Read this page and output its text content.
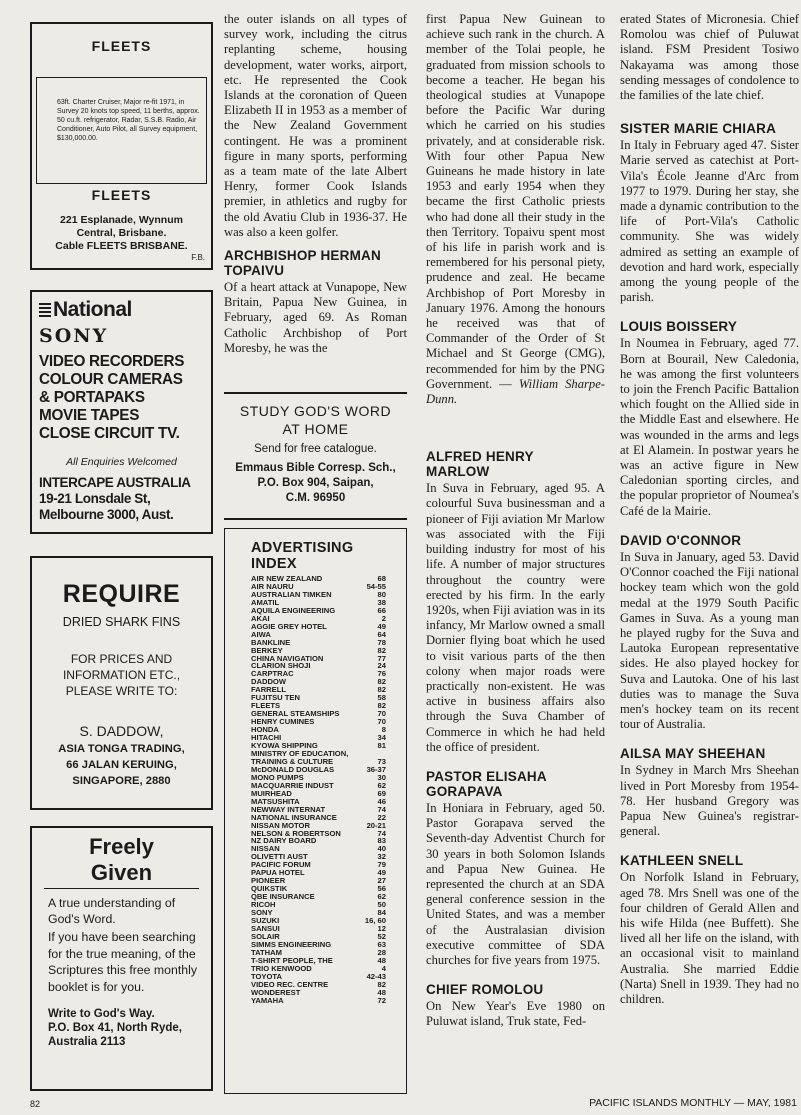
FLEETS
63ft. Charter Cruiser, Major re-fit 1971, in Survey 20 knots top speed, 11 berths, approx. 50 cu.ft. refrigerator, Radar, S.S.B. Radio, Air Conditioner, Auto Pilot, all Survey equipment, $130,000.00.
FLEETS
221 Esplanade, Wynnum
Central, Brisbane.
Cable FLEETS BRISBANE.
F.B.
National
SONY
VIDEO RECORDERS
COLOUR CAMERAS
& PORTAPAKS
MOVIE TAPES
CLOSE CIRCUIT TV.
All Enquiries Welcomed
INTERCAPE AUSTRALIA
19-21 Lonsdale St,
Melbourne 3000, Aust.
REQUIRE
DRIED SHARK FINS
FOR PRICES AND
INFORMATION ETC.,
PLEASE WRITE TO:
S. DADDOW,
ASIA TONGA TRADING,
66 JALAN KERUING,
SINGAPORE, 2880
Freely
Given
A true understanding of God's Word.
If you have been searching for the true meaning, of the Scriptures this free monthly booklet is for you.
Write to God's Way.
P.O. Box 41, North Ryde,
Australia 2113

the outer islands on all types of survey work, including the citrus replanting scheme, housing development, water works, airport, etc. He represented the Cook Islands at the coronation of Queen Elizabeth II in 1953 as a member of the New Zealand Government contingent. He was a prominent figure in many sports, performing as a team mate of the late Albert Henry, former Cook Islands premier, in athletics and rugby for the old Avatiu Club in 1936-37. He was also a keen golfer.

ARCHBISHOP HERMAN
TOPAIVU

Of a heart attack at Vunapope, New Britain, Papua New Guinea, in February, aged 69. As Roman Catholic Archbishop of Port Moresby, he was the

STUDY GOD'S WORD
AT HOME
Send for free catalogue.
Emmaus Bible Corresp. Sch.,
P.O. Box 904, Saipan,
C.M. 96950
ADVERTISING
INDEX
AIR NEW ZEALAND	68
AIR NAURU	54-55
AUSTRALIAN TIMKEN	80
AMATIL	38
AQUILA ENGINEERING	66
AKAI	2
AGGIE GREY HOTEL	49
AIWA	64
BANKLINE	78
BERKEY	82
CHINA NAVIGATION	77
CLARION SHOJI	24
CARPTRAC	76
DADDOW	82
FARRELL	82
FUJITSU TEN	58
FLEETS	82
GENERAL STEAMSHIPS	70
HENRY CUMINES	70
HONDA	8
HITACHI	34
KYOWA SHIPPING	81
MINISTRY OF EDUCATION,
TRAINING & CULTURE	73
McDONALD DOUGLAS	36-37
MONO PUMPS	30
MACQUARRIE INDUST	62
MUIRHEAD	69
MATSUSHITA	46
NEWWAY INTERNAT	74
NATIONAL INSURANCE	22
NISSAN MOTOR	20-21
NELSON & ROBERTSON	74
NZ DAIRY BOARD	83
NISSAN	40
OLIVETTI AUST	32
PACIFIC FORUM	79
PAPUA HOTEL	49
PIONEER	27
QUIKSTIK	56
QBE INSURANCE	62
RICOH	50
SONY	84
SUZUKI	16, 60
SANSUI	12
SOLAIR	52
SIMMS ENGINEERING	63
TATHAM	28
T-SHIRT PEOPLE, THE	48
TRIO KENWOOD	4
TOYOTA	42-43
VIDEO REC. CENTRE	82
WONDEREST	48
YAMAHA	72

first Papua New Guinean to achieve such rank in the church. A member of the Tolai people, he graduated from mission schools to become a teacher. He began his theological studies at Vunapope before the Pacific War during which he carried on his studies privately, and at considerable risk. With four other Papua New Guineans he made history in late 1953 and early 1954 when they became the first Catholic priests who had done all their study in the then Territory. Topaivu spent most of his life in parish work and is remembered for his personal piety, prudence and zeal. He became Archbishop of Port Moresby in January 1976. Among the honours he received was that of Commander of the Order of St Michael and St George (CMG), recommended for him by the PNG Government. — William Sharpe-Dunn.

ALFRED HENRY
MARLOW

In Suva in February, aged 95. A colourful Suva businessman and a pioneer of Fiji aviation Mr Marlow was associated with the Fiji building industry for most of his life. A number of major structures throughout the country were erected by his firm. In the early 1920s, when Fiji aviation was in its infancy, Mr Marlow owned a small Dornier flying boat which he used to visit various parts of the then colony when major roads were practically non-existent. He was active in business affairs also through the Suva Chamber of Commerce in which he had held the office of president.

PASTOR ELISAHA
GORAPAVA

In Honiara in February, aged 50. Pastor Gorapava served the Seventh-day Adventist Church for 30 years in both Solomon Islands and Papua New Guinea. He represented the church at an SDA general conference session in the United States, and was a member of the Australasian division executive committee of SDA churches for five years from 1975.

CHIEF ROMOLOU

On New Year's Eve 1980 on Puluwat island, Truk state, Fed-

erated States of Micronesia. Chief Romolou was chief of Puluwat island. FSM President Tosiwo Nakayama was among those sending messages of condolence to the families of the late chief.

SISTER MARIE CHIARA

In Italy in February aged 47. Sister Marie served as catechist at Port-Vila's École Jeanne d'Arc from 1977 to 1979. During her stay, she made a dynamic contribution to the life of Port-Vila's Catholic community. She was widely admired as setting an example of devotion and hard work, especially among the young people of the parish.

LOUIS BOISSERY

In Noumea in February, aged 77. Born at Bourail, New Caledonia, he was among the first volunteers to join the French Pacific Battalion which fought on the Allied side in the Middle East and elsewhere. He was wounded in the arms and legs at El Alamein. In postwar years he was an active figure in New Caledonian sporting circles, and the popular proprietor of Noumea's Café de la Mairie.

DAVID O'CONNOR

In Suva in January, aged 53. David O'Connor coached the Fiji national hockey team which won the gold medal at the 1979 South Pacific Games in Suva. As a young man he played rugby for the Suva and Lautoka European representative sides. He also played hockey for Suva and Lautoka. One of his last duties was to manage the Suva men's hockey team on its recent tour of Australia.

AILSA MAY SHEEHAN

In Sydney in March Mrs Sheehan lived in Port Moresby from 1954-78. Her husband Gregory was Papua New Guinea's registrar-general.

KATHLEEN SNELL

On Norfolk Island in February, aged 78. Mrs Snell was one of the four children of Gerald Allen and his wife Hilda (nee Buffett). She lived all her life on the island, with an occasional visit to mainland Australia. She married Eddie (Narta) Snell in 1939. They had no children.

82	PACIFIC ISLANDS MONTHLY — MAY, 1981
